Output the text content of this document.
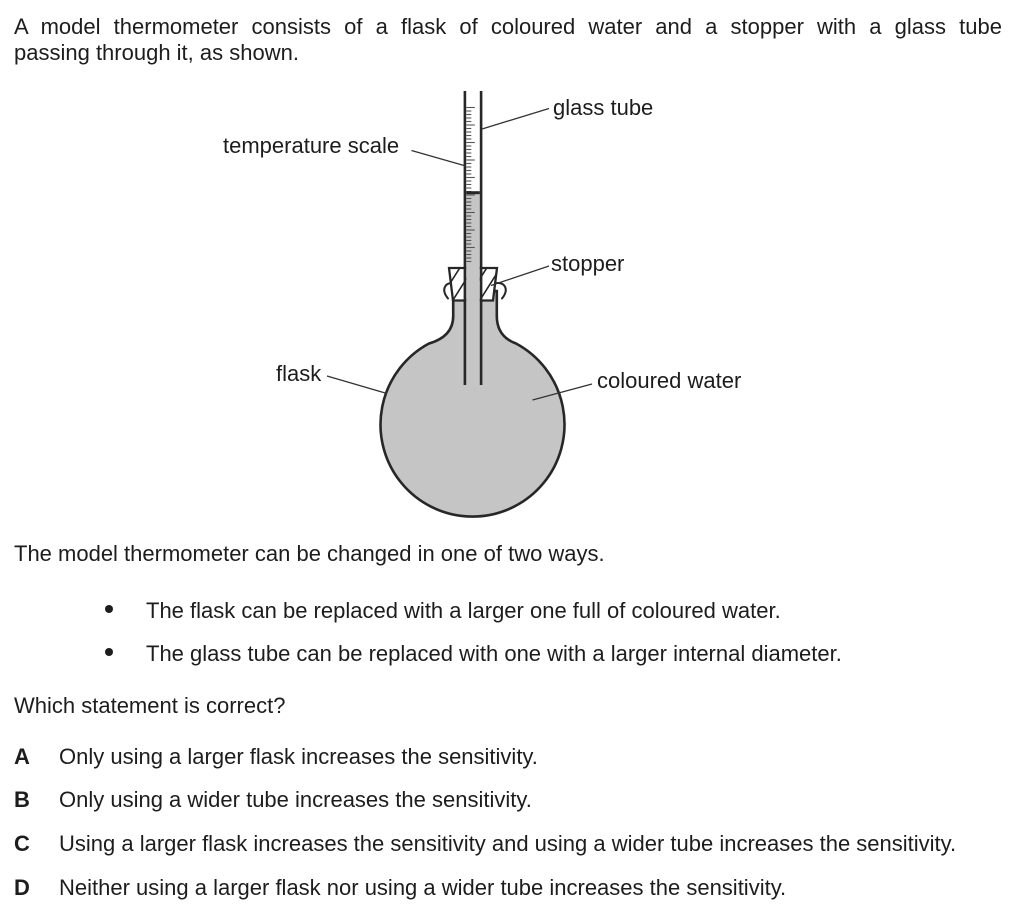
A model thermometer consists of a flask of coloured water and a stopper with a glass tube
passing through it, as shown.
The model thermometer can be changed in one of two ways.
The flask can be replaced with a larger one full of coloured water.
The glass tube can be replaced with one with a larger internal diameter.
Which statement is correct?
A Only using a larger flask increases the sensitivity.
B Only using a wider tube increases the sensitivity.
C Using a larger flask increases the sensitivity and using a wider tube increases the sensitivity.
D Neither using a larger flask nor using a wider tube increases the sensitivity.
glass tube
temperature scale
stopper
flask	coloured water
